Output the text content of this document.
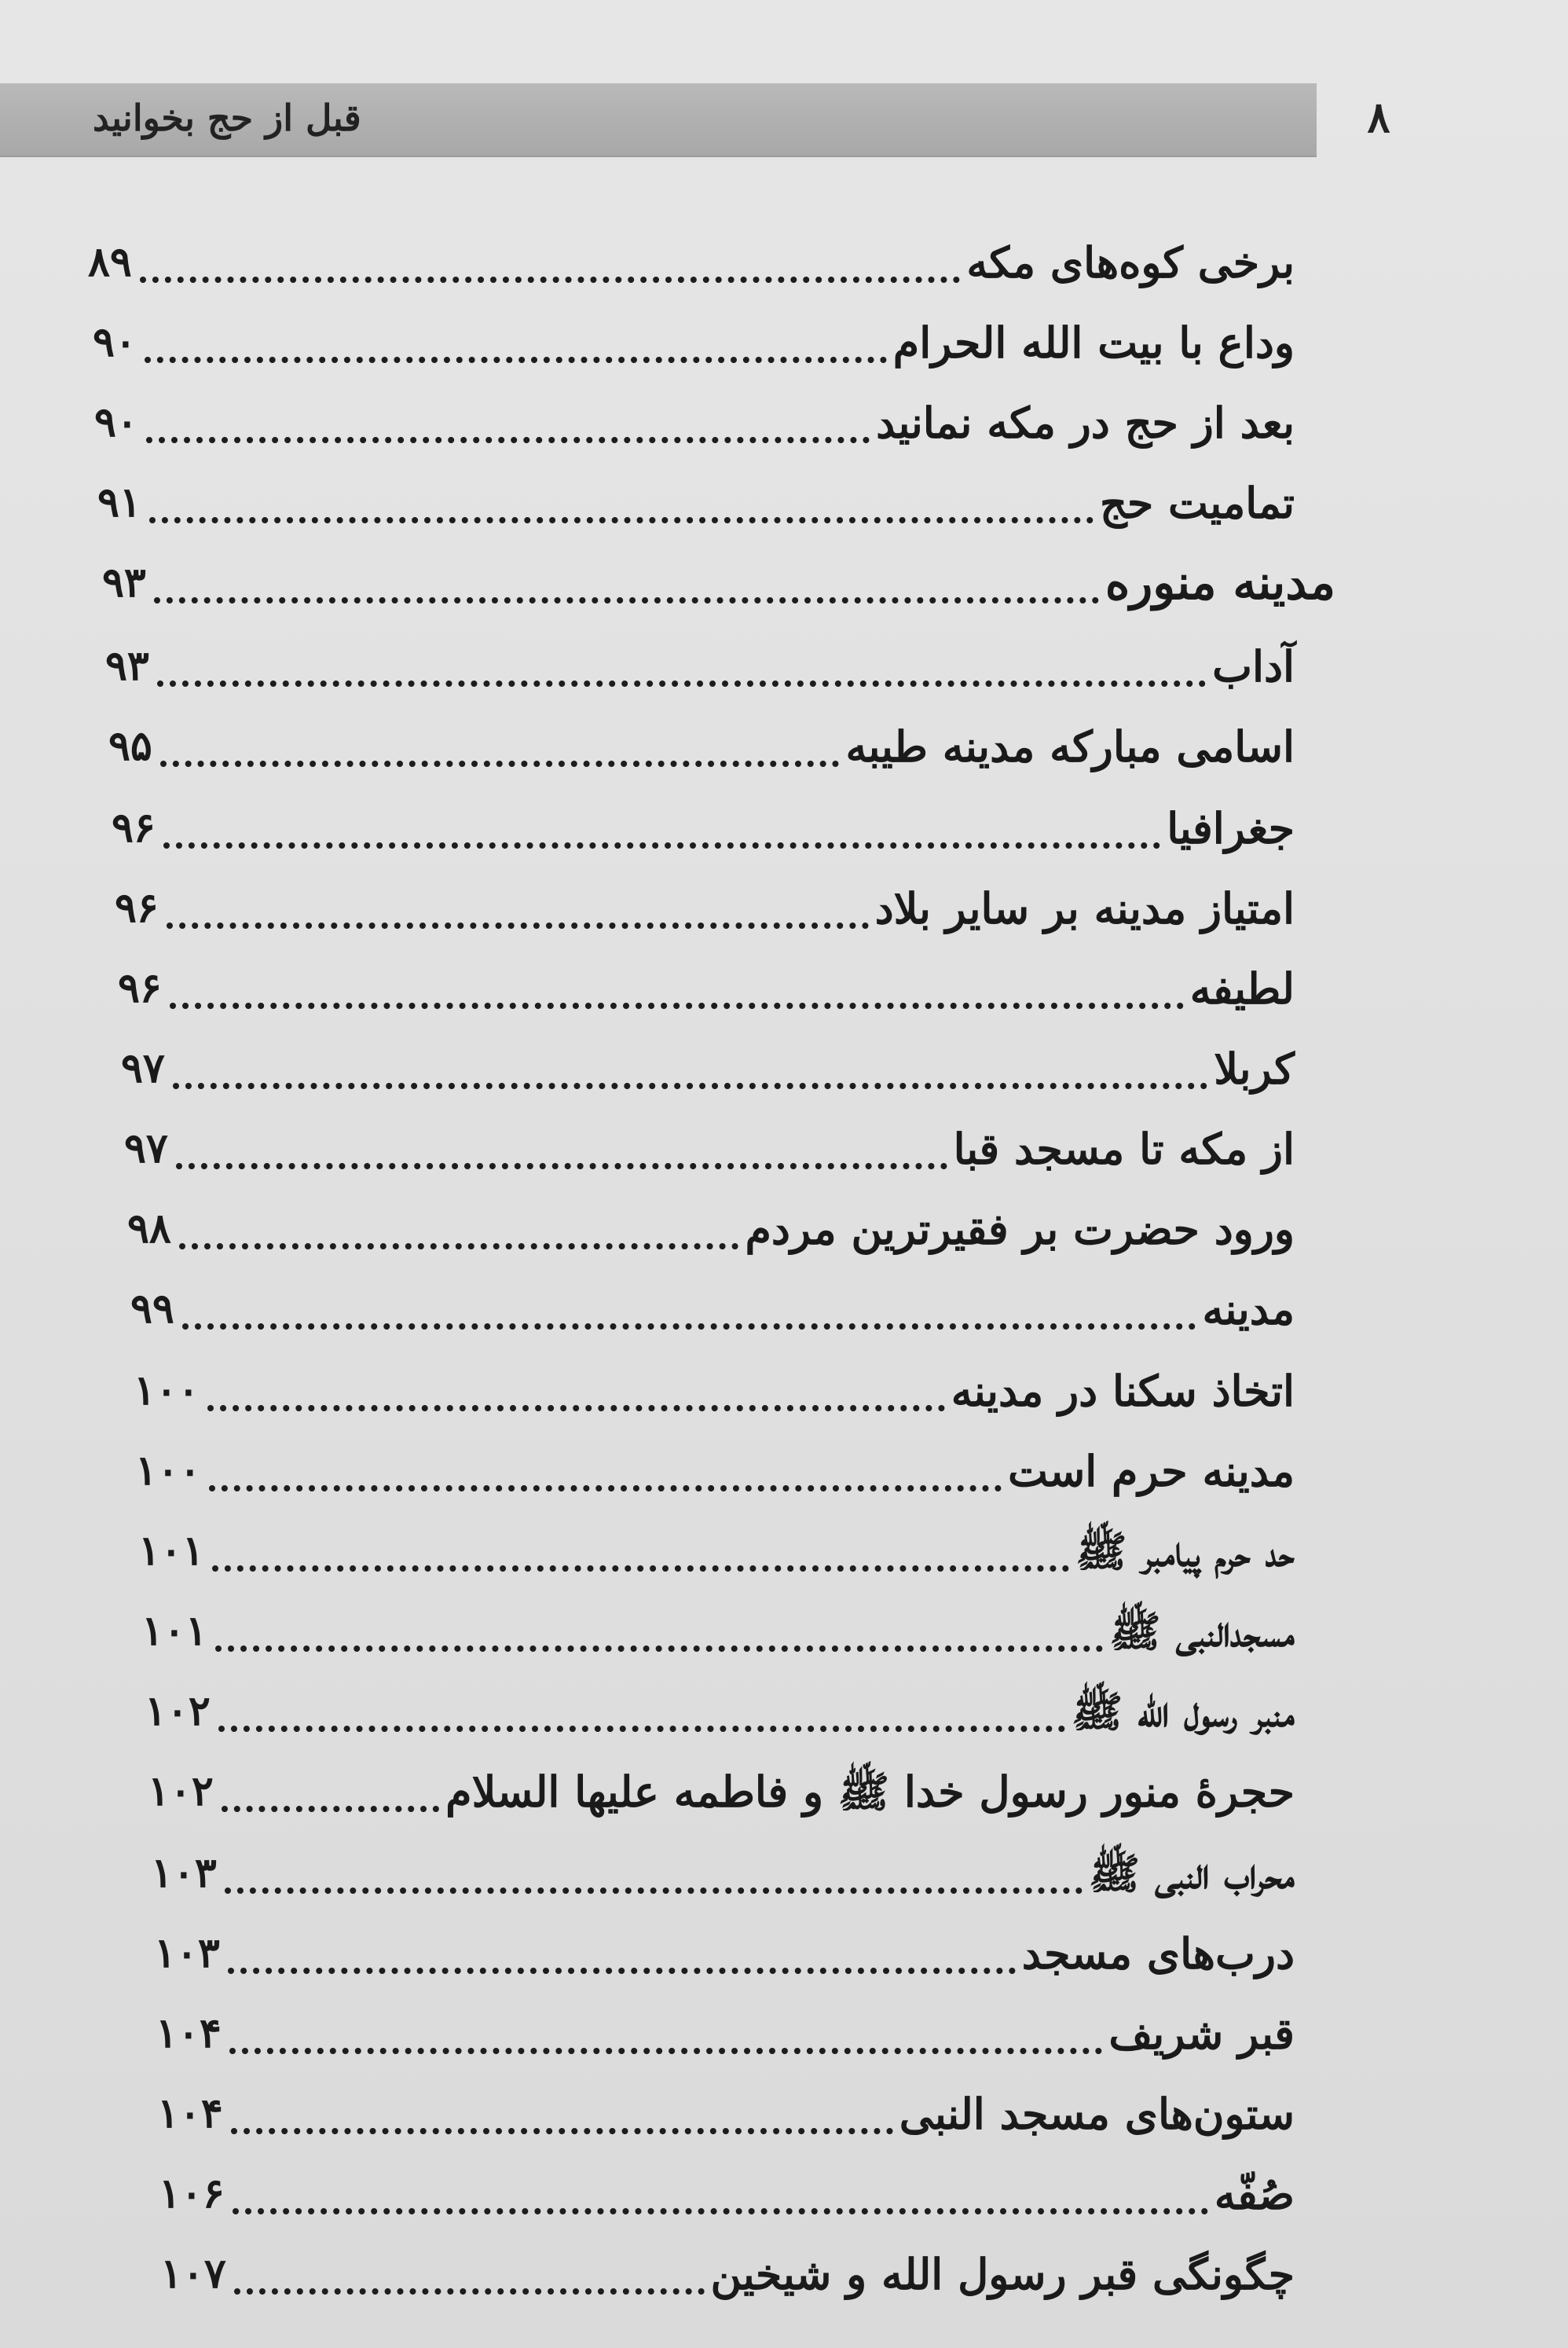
قبل از حج بخوانید	۸
برخی کوه‌های مکه
۸۹
وداع با بیت الله الحرام
۹۰
بعد از حج در مکه نمانید
۹۰
تمامیت حج
۹۱
مدینه منوره
۹۳
آداب
۹۳
اسامی مبارکه مدینه طیبه
۹۵
جغرافیا
۹۶
امتیاز مدینه بر سایر بلاد
۹۶
لطیفه
۹۶
کربلا
۹۷
از مکه تا مسجد قبا
۹۷
ورود حضرت بر فقیرترین مردم
۹۸
مدینه
۹۹
اتخاذ سکنا در مدینه
۱۰۰
مدینه حرم است
۱۰۰
حد حرم پیامبر ﷺ
۱۰۱
مسجدالنبی ﷺ
۱۰۱
منبر رسول الله ﷺ
۱۰۲
حجرهٔ منور رسول خدا ﷺ و فاطمه عليها السلام
۱۰۲
محراب النبی ﷺ
۱۰۳
درب‌های مسجد
۱۰۳
قبر شریف
۱۰۴
ستون‌های مسجد النبی
۱۰۴
صُفّه
۱۰۶
چگونگی قبر رسول الله و شیخین
۱۰۷
